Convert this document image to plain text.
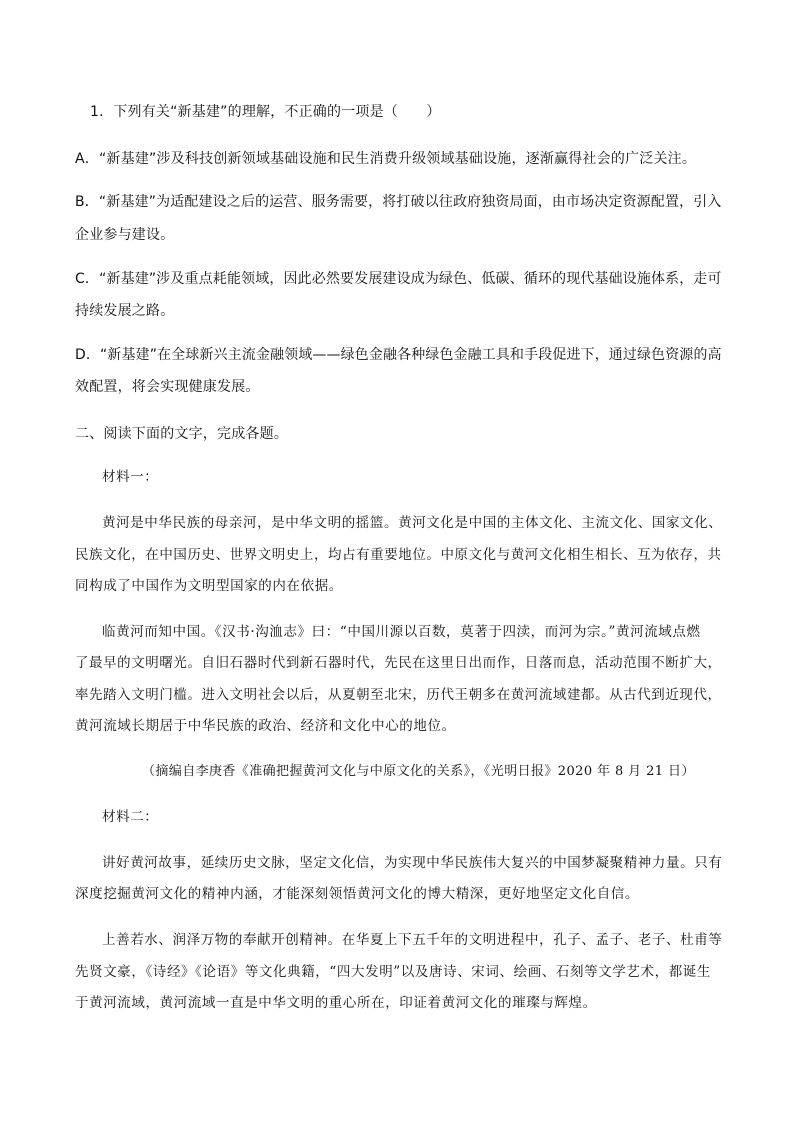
1．下列有关“新基建”的理解，不正确的一项是（　　）
A．“新基建”涉及科技创新领域基础设施和民生消费升级领域基础设施，逐渐赢得社会的广泛关注。
B．“新基建”为适配建设之后的运营、服务需要，将打破以往政府独资局面，由市场决定资源配置，引入
企业参与建设。
C．“新基建”涉及重点耗能领域，因此必然要发展建设成为绿色、低碳、循环的现代基础设施体系，走可
持续发展之路。
D．“新基建”在全球新兴主流金融领域——绿色金融各种绿色金融工具和手段促进下，通过绿色资源的高
效配置，将会实现健康发展。
二、阅读下面的文字，完成各题。
材料一：
黄河是中华民族的母亲河，是中华文明的摇篮。黄河文化是中国的主体文化、主流文化、国家文化、
民族文化，在中国历史、世界文明史上，均占有重要地位。中原文化与黄河文化相生相长、互为依存，共
同构成了中国作为文明型国家的内在依据。
临黄河而知中国。《汉书·沟洫志》曰：“中国川源以百数，莫著于四渎，而河为宗。”黄河流域点燃
了最早的文明曙光。自旧石器时代到新石器时代，先民在这里日出而作，日落而息，活动范围不断扩大，
率先踏入文明门槛。进入文明社会以后，从夏朝至北宋，历代王朝多在黄河流域建都。从古代到近现代，
黄河流域长期居于中华民族的政治、经济和文化中心的地位。
（摘编自李庚香《准确把握黄河文化与中原文化的关系》，《光明日报》2020 年 8 月 21 日）
材料二：
讲好黄河故事，延续历史文脉，坚定文化信，为实现中华民族伟大复兴的中国梦凝聚精神力量。只有
深度挖掘黄河文化的精神内涵，才能深刻领悟黄河文化的博大精深，更好地坚定文化自信。
上善若水、润泽万物的奉献开创精神。在华夏上下五千年的文明进程中，孔子、孟子、老子、杜甫等
先贤文豪，《诗经》《论语》等文化典籍，“四大发明”以及唐诗、宋词、绘画、石刻等文学艺术，都诞生
于黄河流域，黄河流域一直是中华文明的重心所在，印证着黄河文化的璀璨与辉煌。
